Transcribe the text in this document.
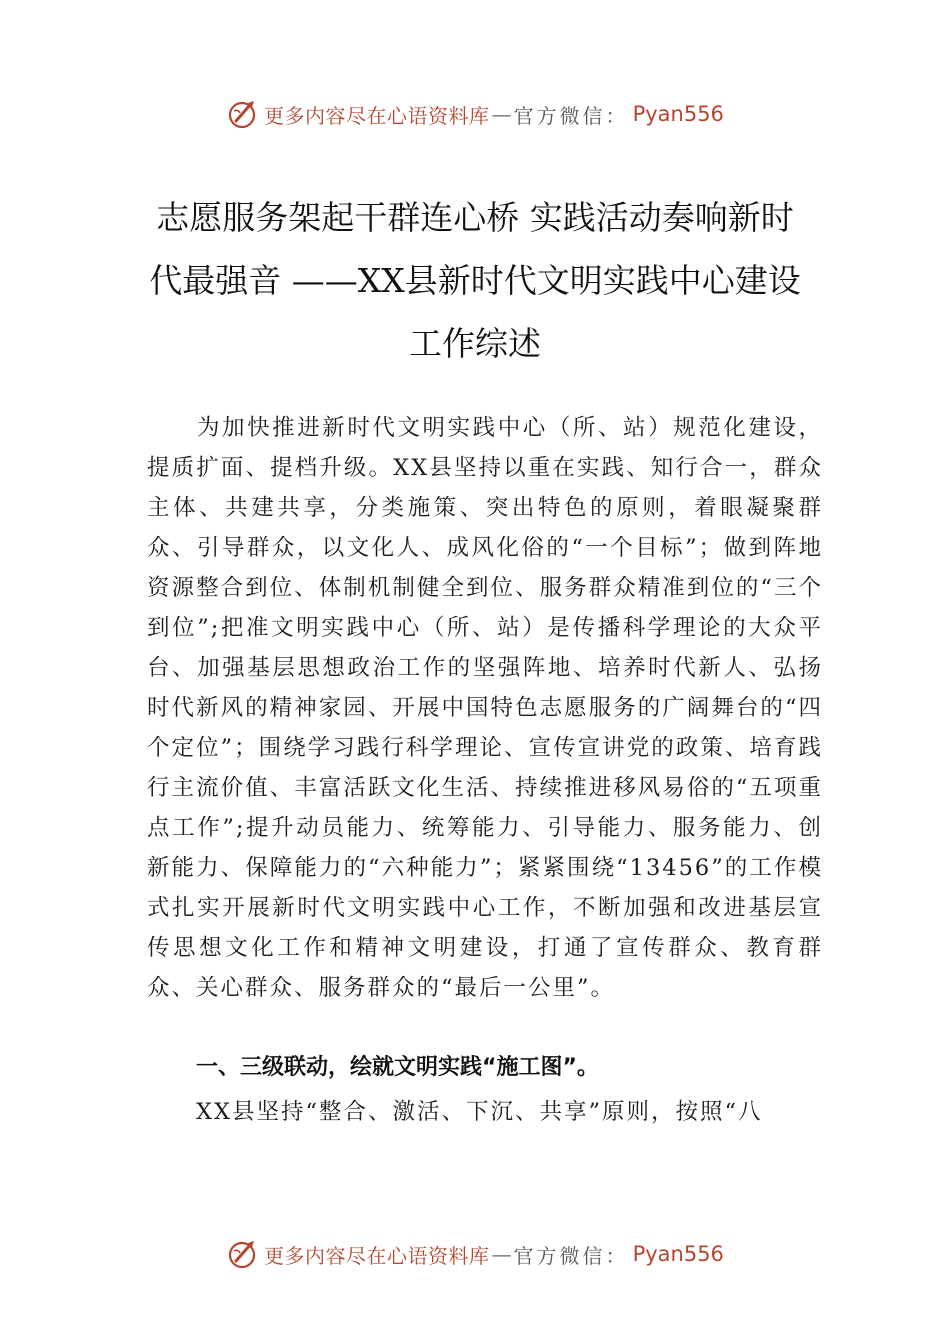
更多内容尽在心语资料库 — 官方微信： Pyan556
志愿服务架起干群连心桥 实践活动奏响新时代最强音 ——XX县新时代文明实践中心建设工作综述

为加快推进新时代文明实践中心（所、站）规范化建设，提质扩面、提档升级。XX县坚持以重在实践、知行合一，群众主体、共建共享，分类施策、突出特色的原则，着眼凝聚群众、引导群众，以文化人、成风化俗的“一个目标”；做到阵地资源整合到位、体制机制健全到位、服务群众精准到位的“三个到位”;把准文明实践中心（所、站）是传播科学理论的大众平台、加强基层思想政治工作的坚强阵地、培养时代新人、弘扬时代新风的精神家园、开展中国特色志愿服务的广阔舞台的“四个定位”；围绕学习践行科学理论、宣传宣讲党的政策、培育践行主流价值、丰富活跃文化生活、持续推进移风易俗的“五项重点工作”;提升动员能力、统筹能力、引导能力、服务能力、创新能力、保障能力的“六种能力”；紧紧围绕“13456”的工作模式扎实开展新时代文明实践中心工作，不断加强和改进基层宣传思想文化工作和精神文明建设，打通了宣传群众、教育群众、关心群众、服务群众的“最后一公里”。

一、三级联动，绘就文明实践“施工图”。

XX县坚持“整合、激活、下沉、共享”原则，按照“八

更多内容尽在心语资料库 — 官方微信： Pyan556
